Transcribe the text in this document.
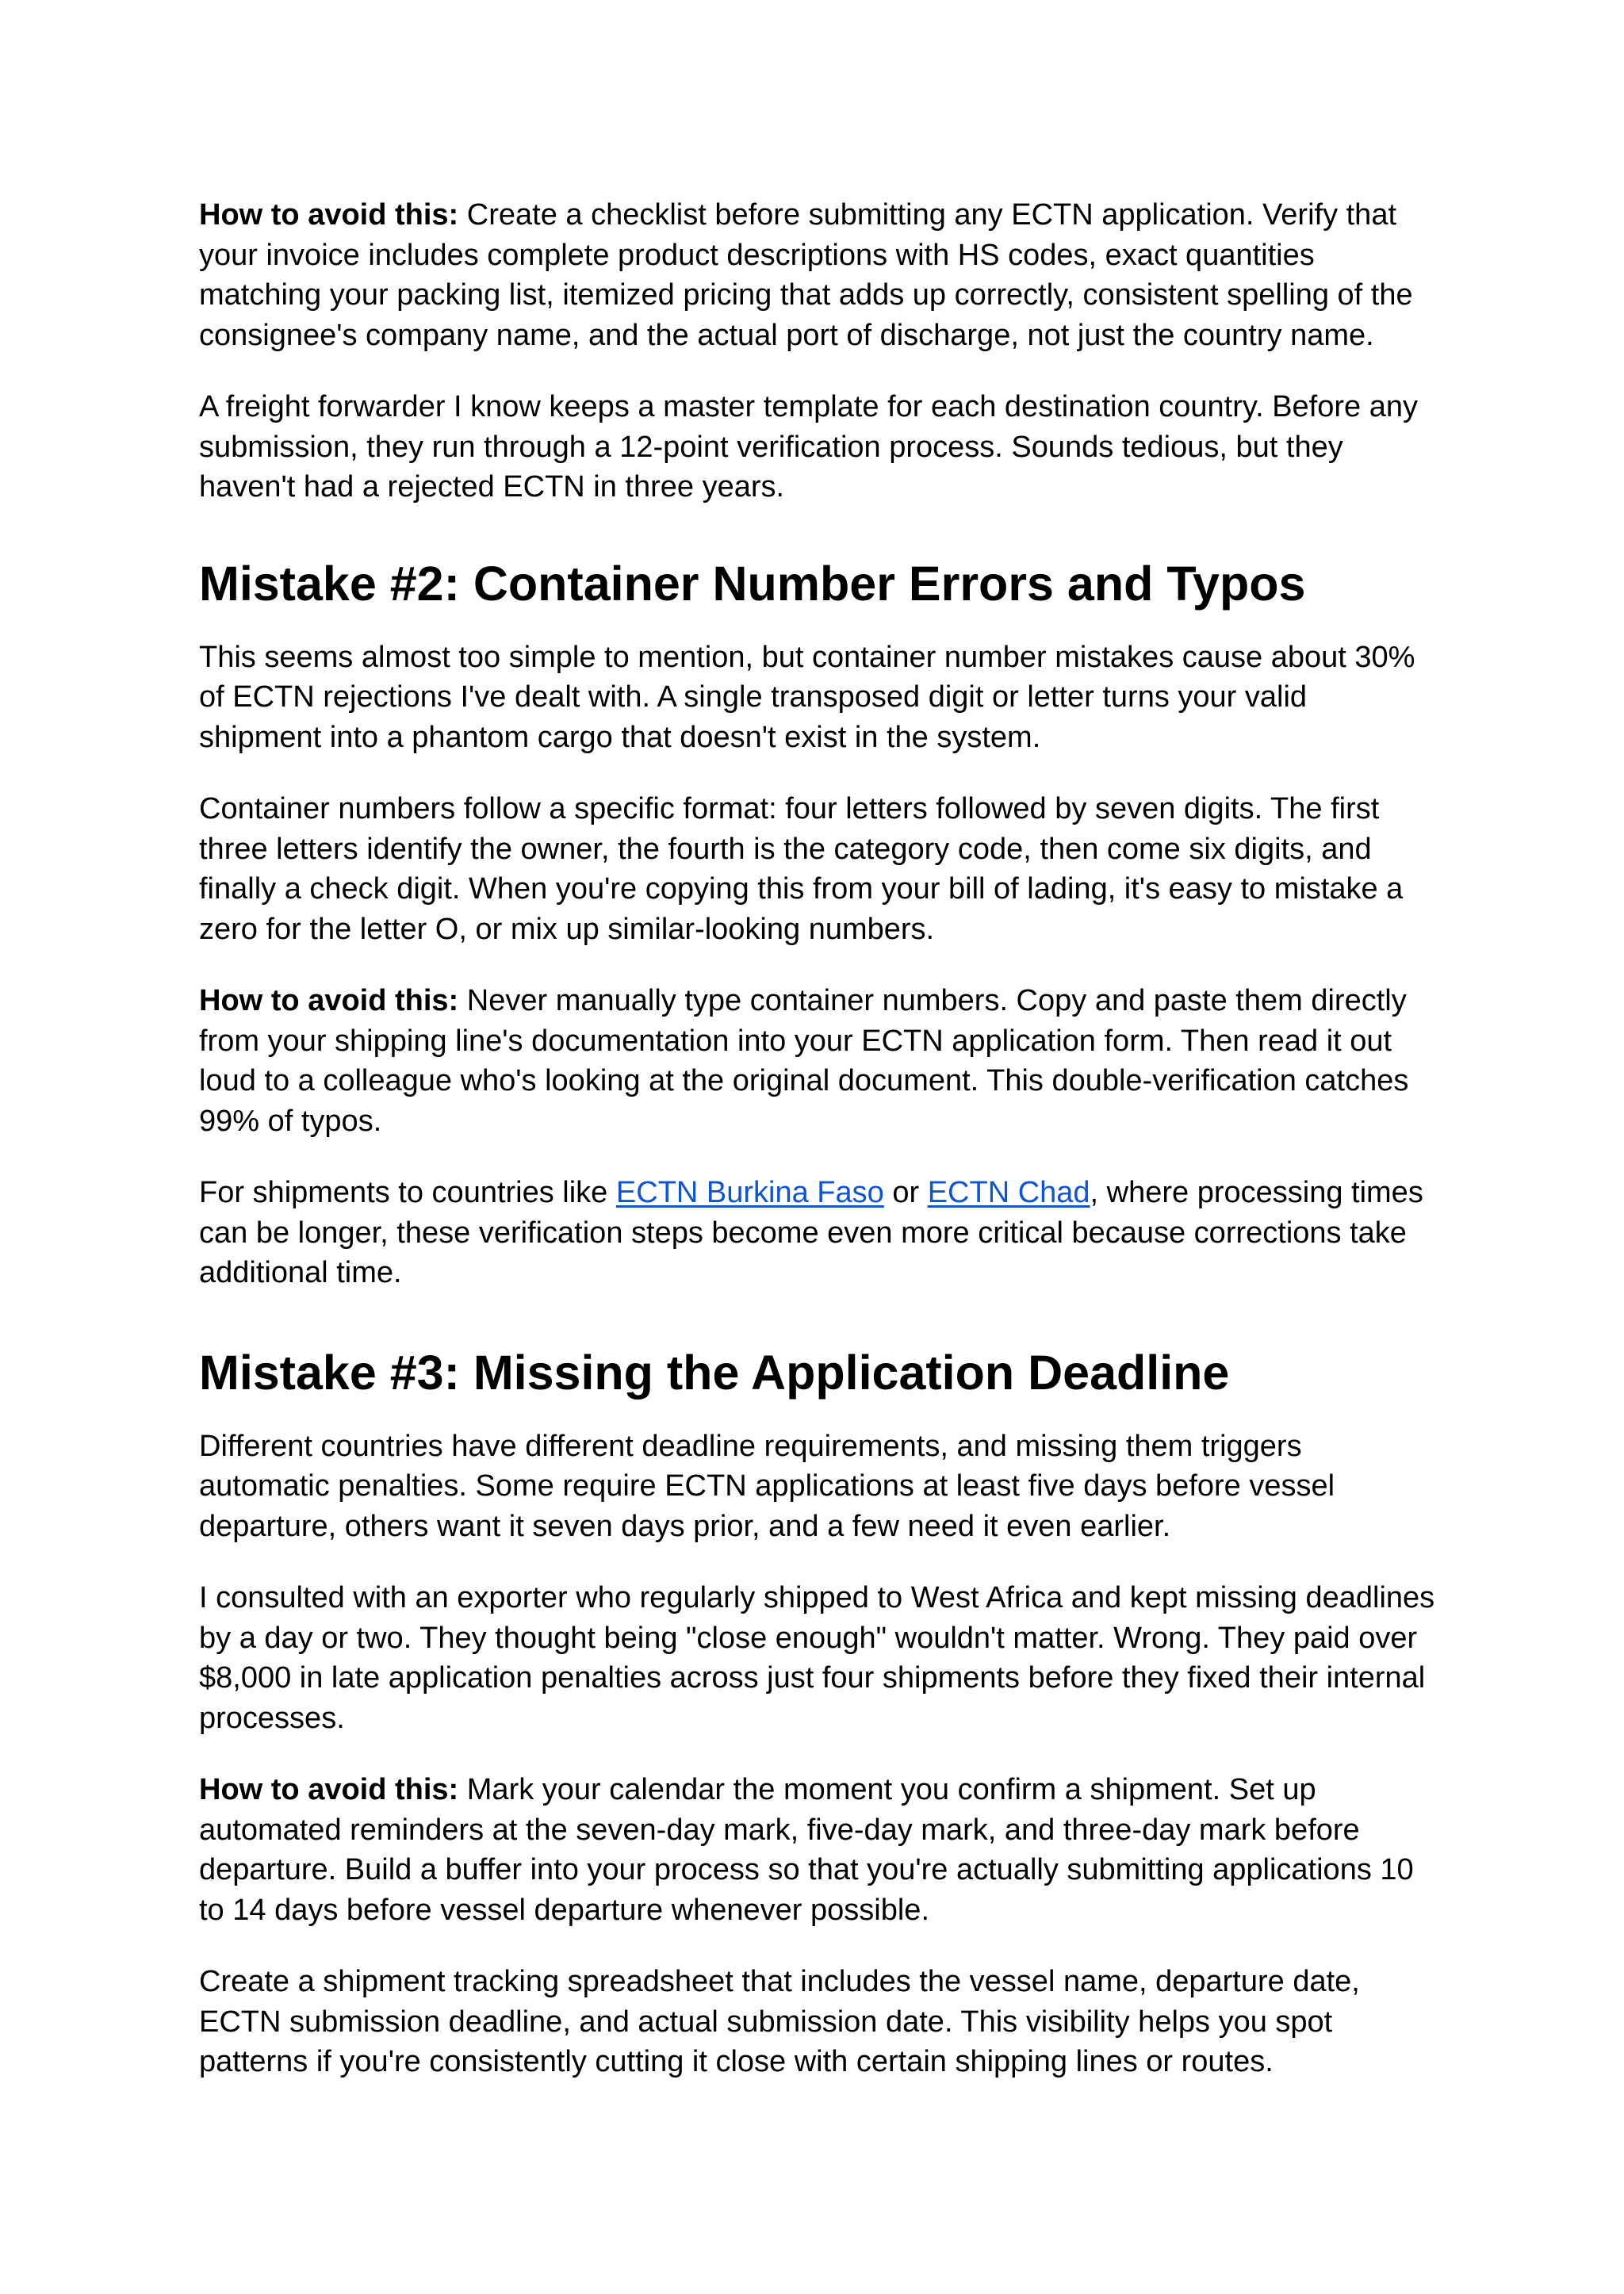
How to avoid this: Create a checklist before submitting any ECTN application. Verify that your invoice includes complete product descriptions with HS codes, exact quantities matching your packing list, itemized pricing that adds up correctly, consistent spelling of the consignee's company name, and the actual port of discharge, not just the country name.

A freight forwarder I know keeps a master template for each destination country. Before any submission, they run through a 12-point verification process. Sounds tedious, but they haven't had a rejected ECTN in three years.

Mistake #2: Container Number Errors and Typos

This seems almost too simple to mention, but container number mistakes cause about 30% of ECTN rejections I've dealt with. A single transposed digit or letter turns your valid shipment into a phantom cargo that doesn't exist in the system.

Container numbers follow a specific format: four letters followed by seven digits. The first three letters identify the owner, the fourth is the category code, then come six digits, and finally a check digit. When you're copying this from your bill of lading, it's easy to mistake a zero for the letter O, or mix up similar-looking numbers.

How to avoid this: Never manually type container numbers. Copy and paste them directly from your shipping line's documentation into your ECTN application form. Then read it out loud to a colleague who's looking at the original document. This double-verification catches 99% of typos.

For shipments to countries like ECTN Burkina Faso or ECTN Chad, where processing times can be longer, these verification steps become even more critical because corrections take additional time.

Mistake #3: Missing the Application Deadline

Different countries have different deadline requirements, and missing them triggers automatic penalties. Some require ECTN applications at least five days before vessel departure, others want it seven days prior, and a few need it even earlier.

I consulted with an exporter who regularly shipped to West Africa and kept missing deadlines by a day or two. They thought being "close enough" wouldn't matter. Wrong. They paid over $8,000 in late application penalties across just four shipments before they fixed their internal processes.

How to avoid this: Mark your calendar the moment you confirm a shipment. Set up automated reminders at the seven-day mark, five-day mark, and three-day mark before departure. Build a buffer into your process so that you're actually submitting applications 10 to 14 days before vessel departure whenever possible.

Create a shipment tracking spreadsheet that includes the vessel name, departure date, ECTN submission deadline, and actual submission date. This visibility helps you spot patterns if you're consistently cutting it close with certain shipping lines or routes.
